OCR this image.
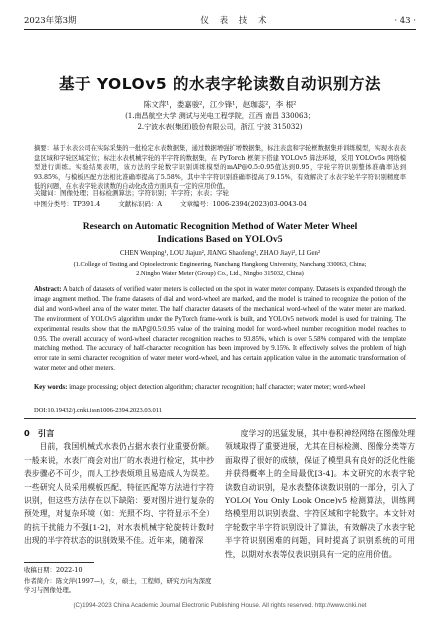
2023年第3期	仪 表 技 术	· 43 ·
基于 YOLOv5 的水表字轮读数自动识别方法
陈文萍¹，娄嘉骏²，江少锋¹，赵珈蕊²，李 根²
(1.南昌航空大学 测试与光电工程学院，江西 南昌 330063；
2.宁波水表(集团)股份有限公司，浙江 宁波 315032)
摘要：基于水表公司在实际采集的一批检定水表数据集，通过数据增强扩增数据集，标注表盘和字轮框数据集并训练模型，实现水表表盘区域和字轮区域定位；标注水表机械字轮的半字符的数据集，在 PyTorch 框架下搭建 YOLOv5 算法环境，采用 YOLOv5s 网络模型进行训练。实验结果表明，该方法的字轮数字识别训练模型的mAP@0.5:0.95值达到0.95，字轮字符识别整体准确率达到93.85%，与模板匹配方法相比准确率提高了5.58%，其中半字符识别准确率提高了9.15%，有效解决了水表字轮半字符识别精度率低的问题，在水表字轮表读数的自动化改造方面具有一定的应用价值。
关键词：图像处理；目标检测算法；字符识别；半字符；水表；字轮
中图分类号：TP391.4	文献标识码：A	文章编号：1006-2394(2023)03-0043-04
Research on Automatic Recognition Method of Water Meter Wheel
Indications Based on YOLOv5
CHEN Wenping¹, LOU Jiajun², JIANG Shaofeng¹, ZHAO Jiayi², LI Gen²
(1.College of Testing and Optoelectronic Engineering, Nanchang Hangkong University, Nanchang 330063, China;
2.Ningbo Water Meter (Group) Co., Ltd., Ningbo 315032, China)
Abstract: A batch of datasets of verified water meters is collected on the spot in water meter company. Datasets is expanded through the image augment method. The frame datasets of dial and word-wheel are marked, and the model is trained to recognize the potion of the dial and word-wheel area of the water meter. The half character datasets of the mechanical word-wheel of the water meter are marked. The environment of YOLOv5 algorithm under the PyTorch frame-work is built, and YOLOv5 network model is used for training. The experimental results show that the mAP@0.5:0.95 value of the training model for word-wheel number recognition model reaches to 0.95. The overall accuracy of word-wheel character recognition reaches to 93.85%, which is over 5.58% compared with the template matching method. The accuracy of half-character recognition has been improved by 9.15%. It effectively solves the problem of high error rate in semi character recognition of water meter word-wheel, and has certain application value in the automatic transformation of water meter and other meters.
Key words: image processing; object detection algorithm; character recognition; half character; water meter; word-wheel
DOI:10.19432/j.cnki.issn1006-2394.2023.03.011
0　引言

目前，我国机械式水表仍占据水表行业重要份额。一般来说，水表厂商会对出厂的水表进行检定，其中抄表步骤必不可少，而人工抄表烦琐且易造成人为误差。一些研究人员采用模板匹配、特征匹配等方法进行字符识别，但这些方法存在以下缺陷：要对图片进行复杂的预处理，对复杂环境（如：光照不均、字符显示不全）的抗干扰能力不强[1-2]，对水表机械字轮旋转计数时出现的半字符状态的识别效果不佳。近年来，随着深

度学习的迅猛发展，其中卷积神经网络在图像处理领域取得了重要进展，尤其在目标检测、图像分类等方面取得了很好的成绩，保证了模型具有良好的泛化性能并获得概率上的全局最优[3-4]。本文研究的水表字轮读数自动识别，是水表整体读数识别的一部分，引入了 YOLO( You Only Look Once)v5 检测算法，训练网络模型用以识别表盘、字符区域和字轮数字。本文针对字轮数字半字符识别设计了算法，有效解决了水表字轮半字符识别困难的问题，同时提高了识别系统的可用性，以期对水表等仪表识别具有一定的应用价值。

收稿日期：2022-10
作者简介：陈文萍(1997—)，女，硕士，工程师，研究方向为深度学习与图像处理。
(C)1994-2023 China Academic Journal Electronic Publishing House. All rights reserved. http://www.cnki.net
